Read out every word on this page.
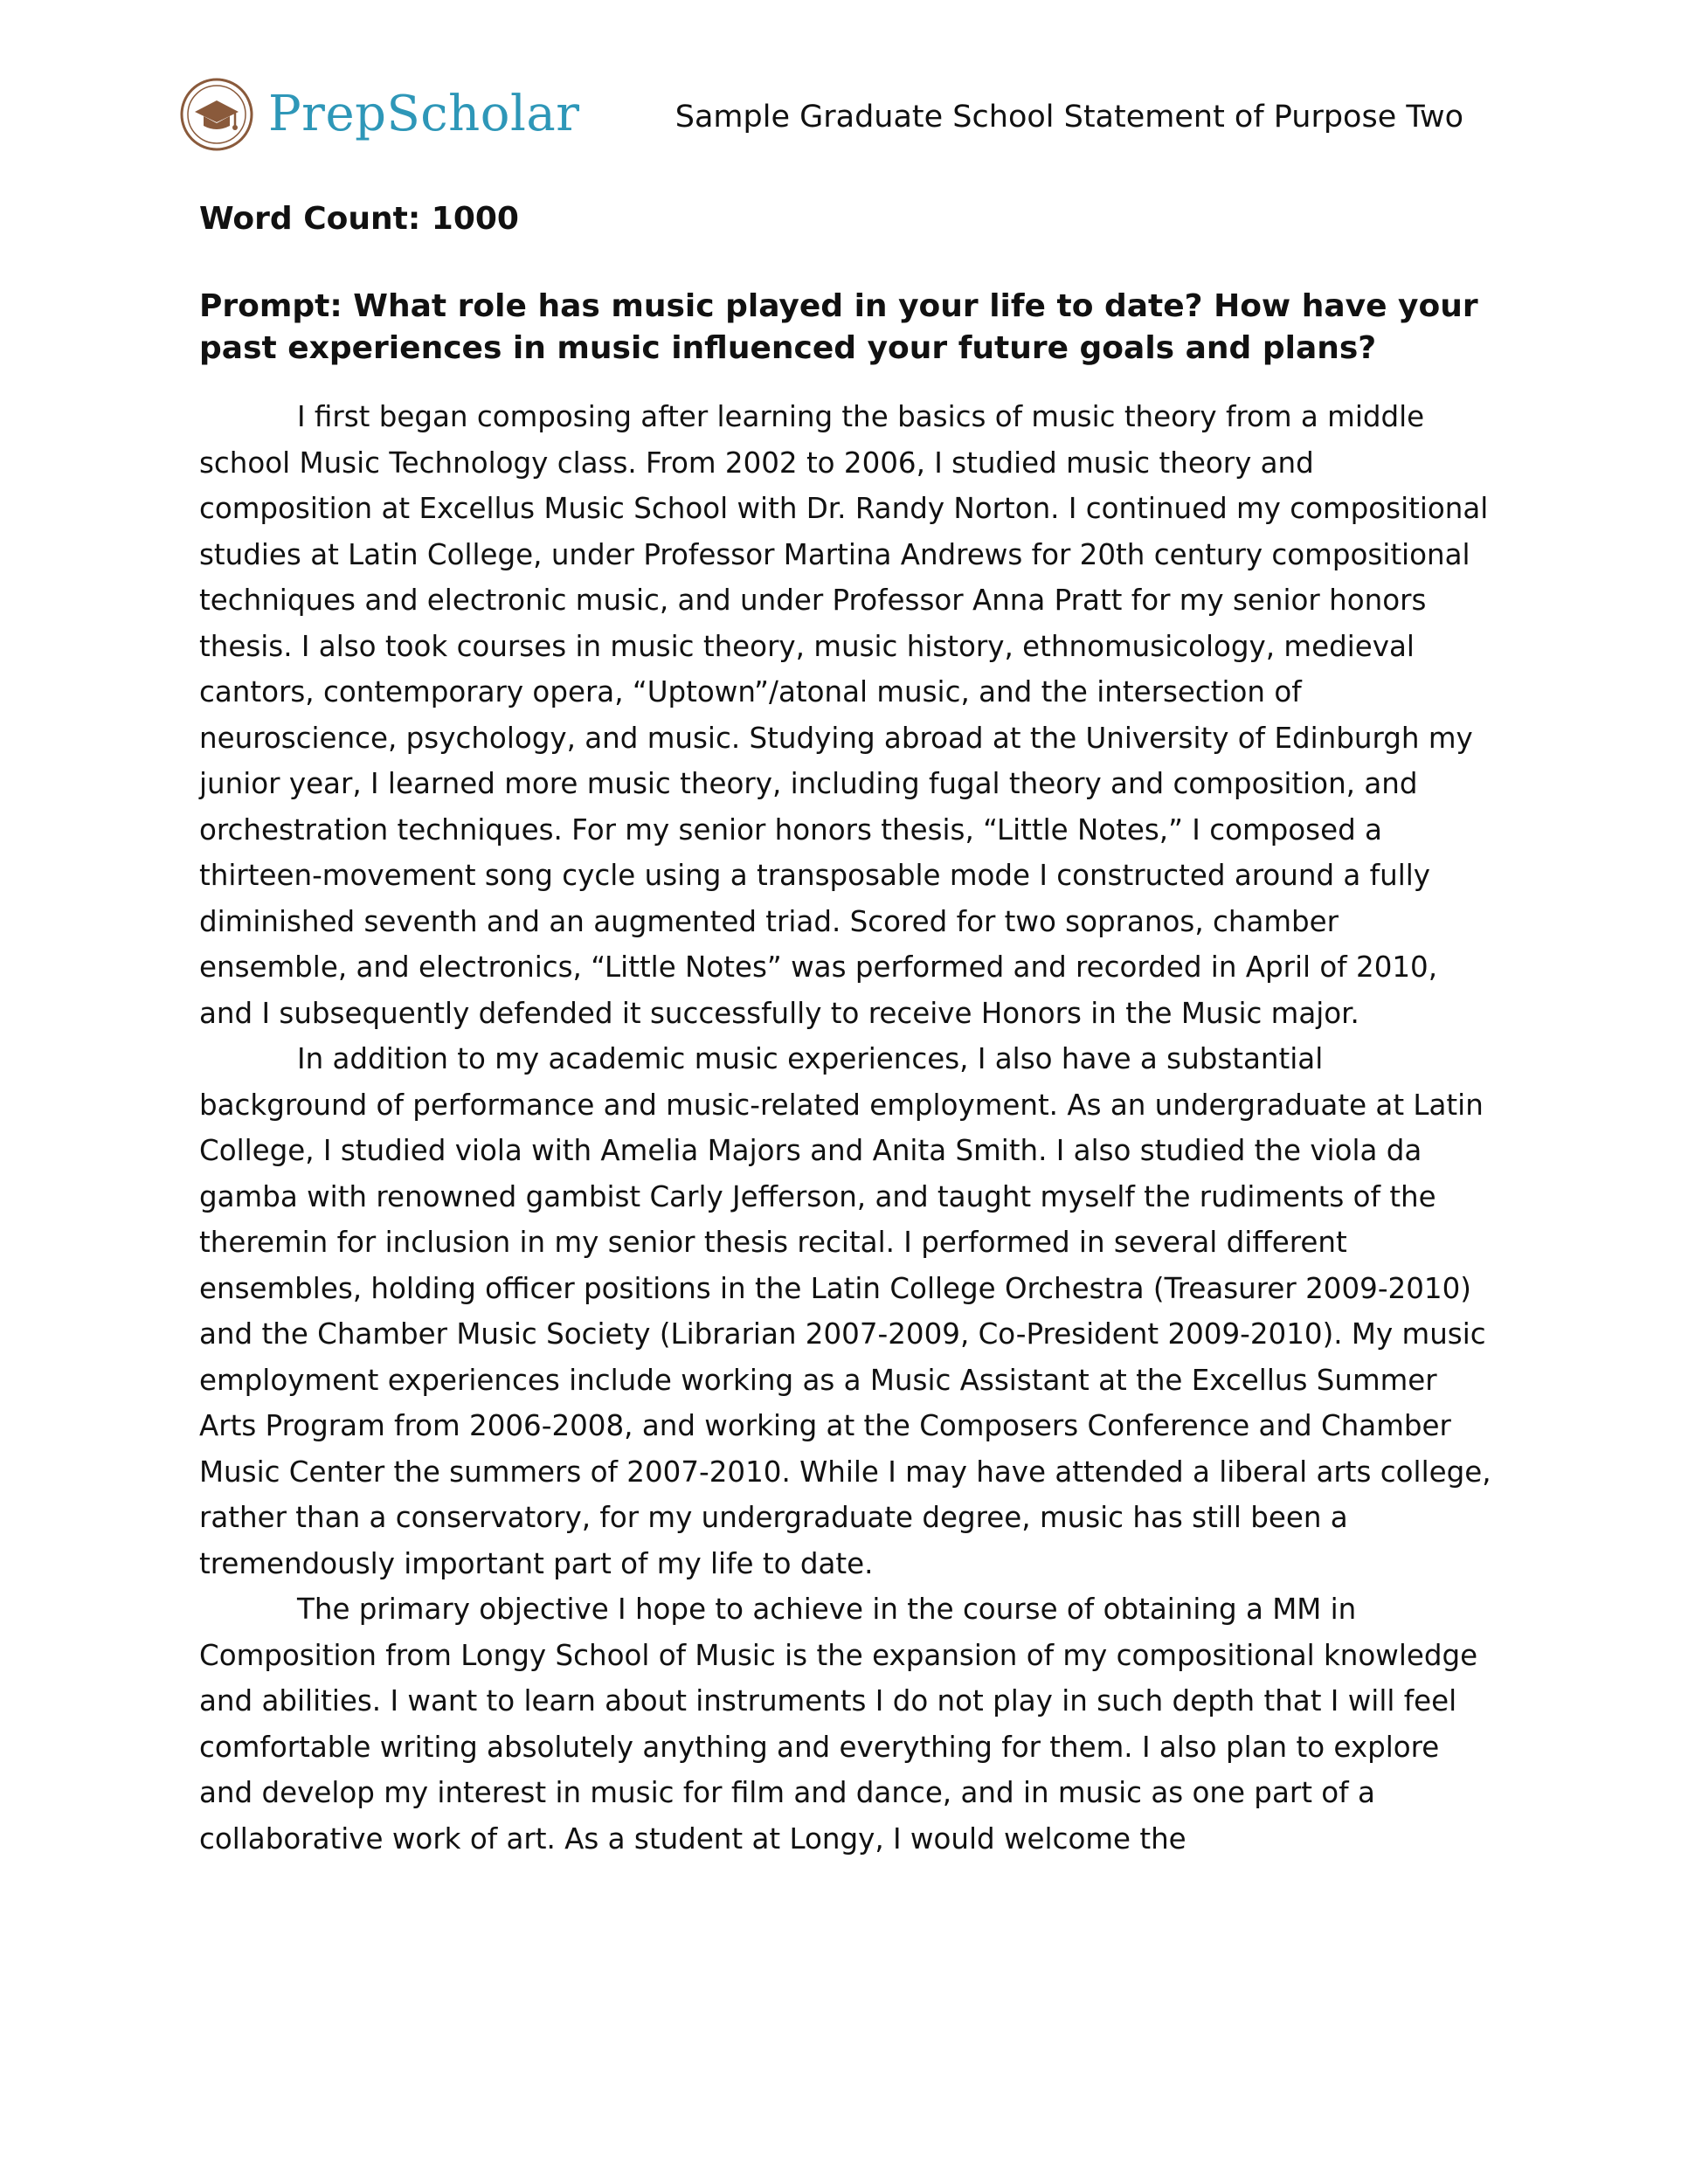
PrepScholar	Sample Graduate School Statement of Purpose Two

Word Count: 1000

Prompt: What role has music played in your life to date? How have your past experiences in music influenced your future goals and plans?

I first began composing after learning the basics of music theory from a middle school Music Technology class. From 2002 to 2006, I studied music theory and composition at Excellus Music School with Dr. Randy Norton. I continued my compositional studies at Latin College, under Professor Martina Andrews for 20th century compositional techniques and electronic music, and under Professor Anna Pratt for my senior honors thesis. I also took courses in music theory, music history, ethnomusicology, medieval cantors, contemporary opera, “Uptown”/atonal music, and the intersection of neuroscience, psychology, and music. Studying abroad at the University of Edinburgh my junior year, I learned more music theory, including fugal theory and composition, and orchestration techniques. For my senior honors thesis, “Little Notes,” I composed a thirteen-movement song cycle using a transposable mode I constructed around a fully diminished seventh and an augmented triad. Scored for two sopranos, chamber ensemble, and electronics, “Little Notes” was performed and recorded in April of 2010, and I subsequently defended it successfully to receive Honors in the Music major.

In addition to my academic music experiences, I also have a substantial background of performance and music-related employment. As an undergraduate at Latin College, I studied viola with Amelia Majors and Anita Smith. I also studied the viola da gamba with renowned gambist Carly Jefferson, and taught myself the rudiments of the theremin for inclusion in my senior thesis recital. I performed in several different ensembles, holding officer positions in the Latin College Orchestra (Treasurer 2009-2010) and the Chamber Music Society (Librarian 2007-2009, Co-President 2009-2010). My music employment experiences include working as a Music Assistant at the Excellus Summer Arts Program from 2006-2008, and working at the Composers Conference and Chamber Music Center the summers of 2007-2010. While I may have attended a liberal arts college, rather than a conservatory, for my undergraduate degree, music has still been a tremendously important part of my life to date.

The primary objective I hope to achieve in the course of obtaining a MM in Composition from Longy School of Music is the expansion of my compositional knowledge and abilities. I want to learn about instruments I do not play in such depth that I will feel comfortable writing absolutely anything and everything for them. I also plan to explore and develop my interest in music for film and dance, and in music as one part of a collaborative work of art. As a student at Longy, I would welcome the
